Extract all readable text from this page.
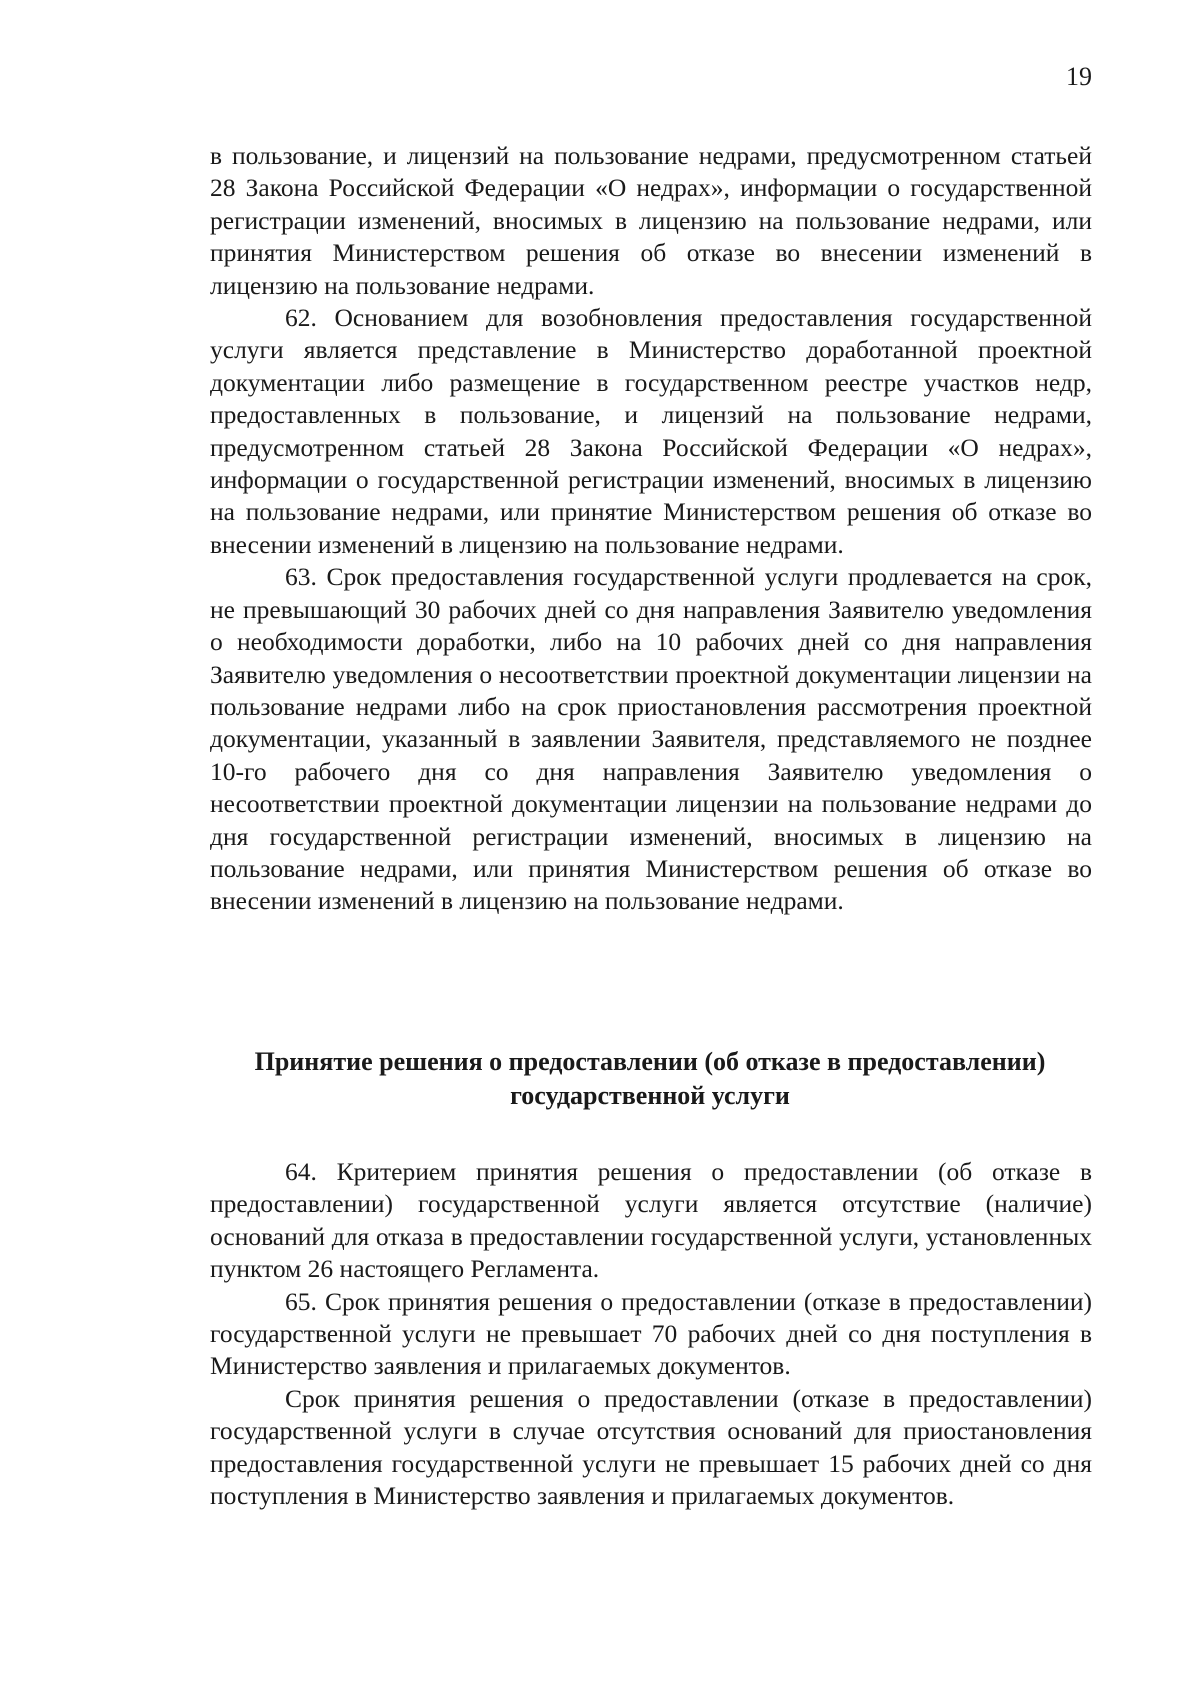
19

в пользование, и лицензий на пользование недрами, предусмотренном статьей 28 Закона Российской Федерации «О недрах», информации о государственной регистрации изменений, вносимых в лицензию на пользование недрами, или принятия Министерством решения об отказе во внесении изменений в лицензию на пользование недрами.

62. Основанием для возобновления предоставления государственной услуги является представление в Министерство доработанной проектной документации либо размещение в государственном реестре участков недр, предоставленных в пользование, и лицензий на пользование недрами, предусмотренном статьей 28 Закона Российской Федерации «О недрах», информации о государственной регистрации изменений, вносимых в лицензию на пользование недрами, или принятие Министерством решения об отказе во внесении изменений в лицензию на пользование недрами.

63. Срок предоставления государственной услуги продлевается на срок, не превышающий 30 рабочих дней со дня направления Заявителю уведомления о необходимости доработки, либо на 10 рабочих дней со дня направления Заявителю уведомления о несоответствии проектной документации лицензии на пользование недрами либо на срок приостановления рассмотрения проектной документации, указанный в заявлении Заявителя, представляемого не позднее 10-го рабочего дня со дня направления Заявителю уведомления о несоответствии проектной документации лицензии на пользование недрами до дня государственной регистрации изменений, вносимых в лицензию на пользование недрами, или принятия Министерством решения об отказе во внесении изменений в лицензию на пользование недрами.

Принятие решения о предоставлении (об отказе в предоставлении)
государственной услуги

64. Критерием принятия решения о предоставлении (об отказе в предоставлении) государственной услуги является отсутствие (наличие) оснований для отказа в предоставлении государственной услуги, установленных пунктом 26 настоящего Регламента.

65. Срок принятия решения о предоставлении (отказе в предоставлении) государственной услуги не превышает 70 рабочих дней со дня поступления в Министерство заявления и прилагаемых документов.

Срок принятия решения о предоставлении (отказе в предоставлении) государственной услуги в случае отсутствия оснований для приостановления предоставления государственной услуги не превышает 15 рабочих дней со дня поступления в Министерство заявления и прилагаемых документов.
